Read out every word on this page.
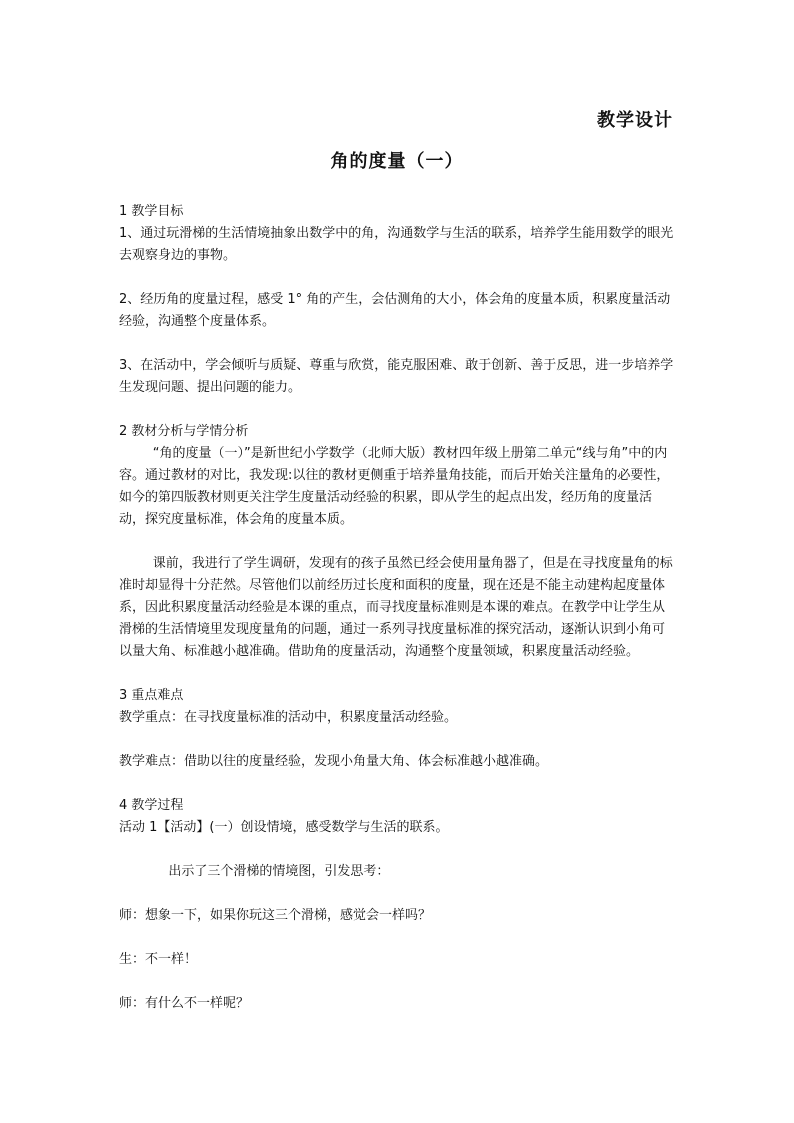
教学设计
角的度量（一）

1 教学目标

1、通过玩滑梯的生活情境抽象出数学中的角，沟通数学与生活的联系，培养学生能用数学的眼光去观察身边的事物。

2、经历角的度量过程，感受 1° 角的产生，会估测角的大小，体会角的度量本质，积累度量活动经验，沟通整个度量体系。

3、在活动中，学会倾听与质疑、尊重与欣赏，能克服困难、敢于创新、善于反思，进一步培养学生发现问题、提出问题的能力。

2 教材分析与学情分析

“角的度量（一）”是新世纪小学数学（北师大版）教材四年级上册第二单元“线与角”中的内容。通过教材的对比，我发现:以往的教材更侧重于培养量角技能，而后开始关注量角的必要性，如今的第四版教材则更关注学生度量活动经验的积累，即从学生的起点出发，经历角的度量活动，探究度量标准，体会角的度量本质。

课前，我进行了学生调研，发现有的孩子虽然已经会使用量角器了，但是在寻找度量角的标准时却显得十分茫然。尽管他们以前经历过长度和面积的度量，现在还是不能主动建构起度量体系，因此积累度量活动经验是本课的重点，而寻找度量标准则是本课的难点。在教学中让学生从滑梯的生活情境里发现度量角的问题，通过一系列寻找度量标准的探究活动，逐渐认识到小角可以量大角、标准越小越准确。借助角的度量活动，沟通整个度量领域，积累度量活动经验。

3 重点难点

教学重点：在寻找度量标准的活动中，积累度量活动经验。

教学难点：借助以往的度量经验，发现小角量大角、体会标准越小越准确。

4 教学过程

活动 1【活动】(一）创设情境，感受数学与生活的联系。

出示了三个滑梯的情境图，引发思考：

师：想象一下，如果你玩这三个滑梯，感觉会一样吗？

生：不一样！

师：有什么不一样呢？
